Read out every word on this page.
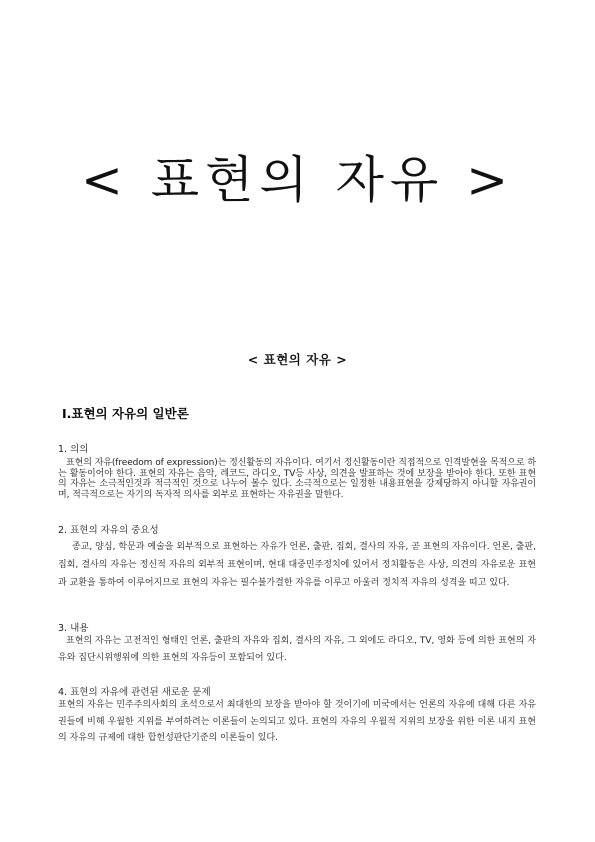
< 표현의 자유 >
< 표현의 자유 >
Ⅰ.표현의 자유의 일반론
1. 의의
표현의 자유(freedom of expression)는 정신활동의 자유이다. 여기서 정신활동이란 직접적으로 인격발현을 목적으로 하는 활동이어야 한다. 표현의 자유는 음악, 레코드, 라디오, TV등 사상, 의견을 발표하는 것에 보장을 받아야 한다. 또한 표현의 자유는 소극적인것과 적극적인 것으로 나누어 볼수 있다. 소극적으로는 일정한 내용표현을 강제당하지 아니할 자유권이며, 적극적으로는 자기의 독자적 의사를 외부로 표현하는 자유권을 말한다.
2. 표현의 자유의 중요성
종교, 양심, 학문과 예술을 외부적으로 표현하는 자유가 언론, 출판, 집회, 결사의 자유, 곧 표현의 자유이다. 언론, 출판, 집회, 결사의 자유는 정신적 자유의 외부적 표현이며, 현대 대중민주정치에 있어서 정치활동은 사상, 의견의 자유로운 표현과 교환을 통하여 이루어지므로 표현의 자유는 필수불가결한 자유를 이루고 아울러 정치적 자유의 성격을 띠고 있다.
3. 내용
표현의 자유는 고전적인 형태인 언론, 출판의 자유와 집회, 결사의 자유, 그 외에도 라디오, TV, 영화 등에 의한 표현의 자유와 집단시위행위에 의한 표현의 자유등이 포함되어 있다.
4. 표현의 자유에 관련된 새로운 문제
표현의 자유는 민주주의사회의 초석으로서 최대한의 보장을 받아야 할 것이기에 미국에서는 언론의 자유에 대해 다른 자유권들에 비해 우월한 지위를 부여하려는 이론들이 논의되고 있다. 표현의 자유의 우월적 지위의 보장을 위한 이론 내지 표현의 자유의 규제에 대한 합헌성판단기준의 이론들이 있다.
